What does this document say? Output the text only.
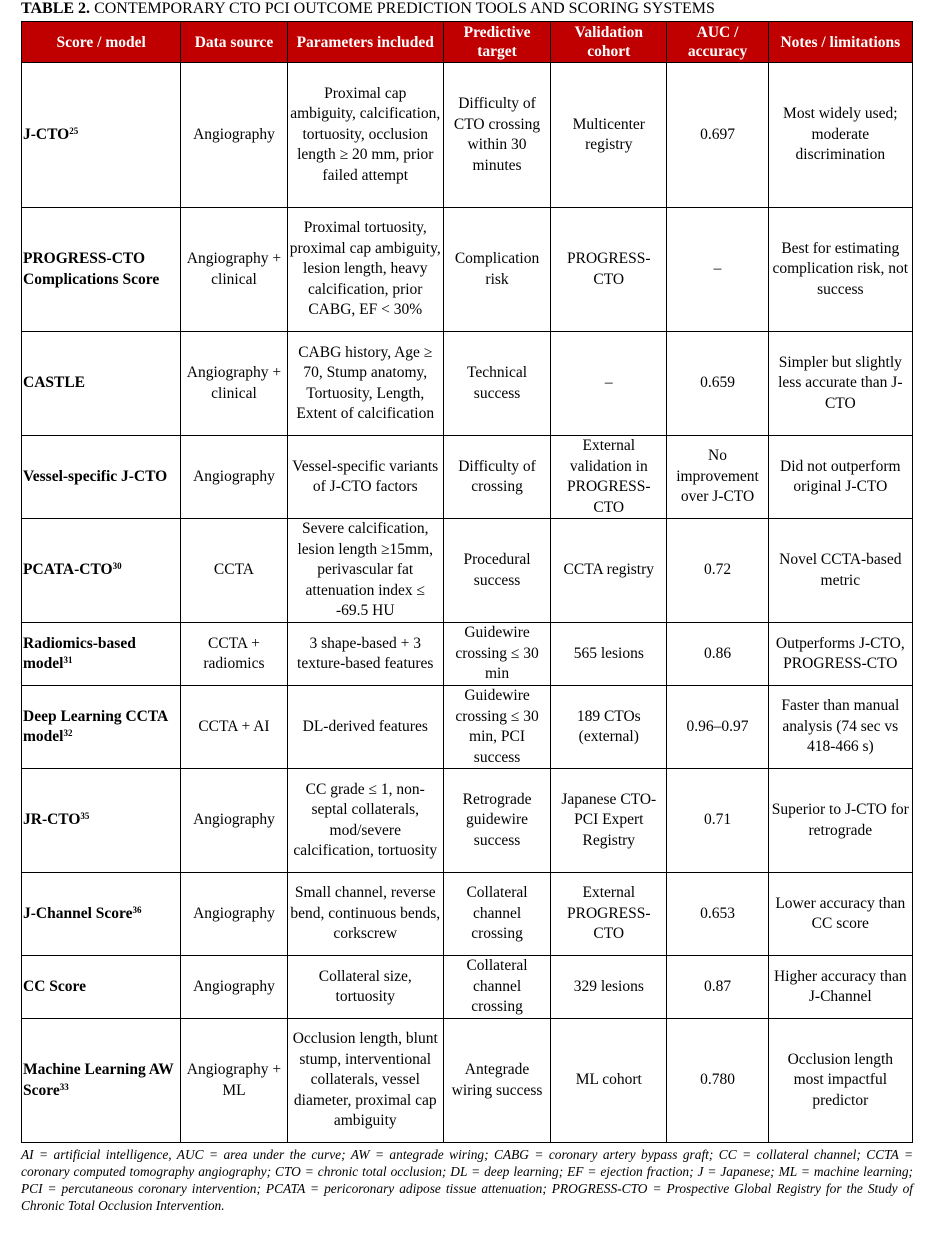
TABLE 2. CONTEMPORARY CTO PCI OUTCOME PREDICTION TOOLS AND SCORING SYSTEMS
Score / model	Data source	Parameters included	Predictive target	Validation cohort	AUC / accuracy	Notes / limitations
J-CTO$^{25}$	Angiography	Proximal cap ambiguity, calcification, tortuosity, occlusion length ≥ 20 mm, prior failed attempt	Difficulty of CTO crossing within 30 minutes	Multicenter registry	0.697	Most widely used; moderate discrimination
PROGRESS-CTO Complications Score	Angiography + clinical	Proximal tortuosity, proximal cap ambiguity, lesion length, heavy calcification, prior CABG, EF < 30%	Complication risk	PROGRESS-CTO	–	Best for estimating complication risk, not success
CASTLE	Angiography + clinical	CABG history, Age ≥ 70, Stump anatomy, Tortuosity, Length, Extent of calcification	Technical success	–	0.659	Simpler but slightly less accurate than J-CTO
Vessel-specific J-CTO	Angiography	Vessel-specific variants of J-CTO factors	Difficulty of crossing	External validation in PROGRESS-CTO	No improvement over J-CTO	Did not outperform original J-CTO
PCATA-CTO$^{30}$	CCTA	Severe calcification, lesion length ≥15mm, perivascular fat attenuation index ≤ -69.5 HU	Procedural success	CCTA registry	0.72	Novel CCTA-based metric
Radiomics-based model$^{31}$	CCTA + radiomics	3 shape-based + 3 texture-based features	Guidewire crossing ≤ 30 min	565 lesions	0.86	Outperforms J-CTO, PROGRESS-CTO
Deep Learning CCTA model$^{32}$	CCTA + AI	DL-derived features	Guidewire crossing ≤ 30 min, PCI success	189 CTOs (external)	0.96–0.97	Faster than manual analysis (74 sec vs 418-466 s)
JR-CTO$^{35}$	Angiography	CC grade ≤ 1, non-septal collaterals, mod/severe calcification, tortuosity	Retrograde guidewire success	Japanese CTO-PCI Expert Registry	0.71	Superior to J-CTO for retrograde
J-Channel Score$^{36}$	Angiography	Small channel, reverse bend, continuous bends, corkscrew	Collateral channel crossing	External PROGRESS-CTO	0.653	Lower accuracy than CC score
CC Score	Angiography	Collateral size, tortuosity	Collateral channel crossing	329 lesions	0.87	Higher accuracy than J-Channel
Machine Learning AW Score$^{33}$	Angiography + ML	Occlusion length, blunt stump, interventional collaterals, vessel diameter, proximal cap ambiguity	Antegrade wiring success	ML cohort	0.780	Occlusion length most impactful predictor
AI = artificial intelligence, AUC = area under the curve; AW = antegrade wiring; CABG = coronary artery bypass graft; CC = collateral channel; CCTA = coronary computed tomography angiography; CTO = chronic total occlusion; DL = deep learning; EF = ejection fraction; J = Japanese; ML = machine learning; PCI = percutaneous coronary intervention; PCATA = pericoronary adipose tissue attenuation; PROGRESS-CTO = Prospective Global Registry for the Study of Chronic Total Occlusion Intervention.
